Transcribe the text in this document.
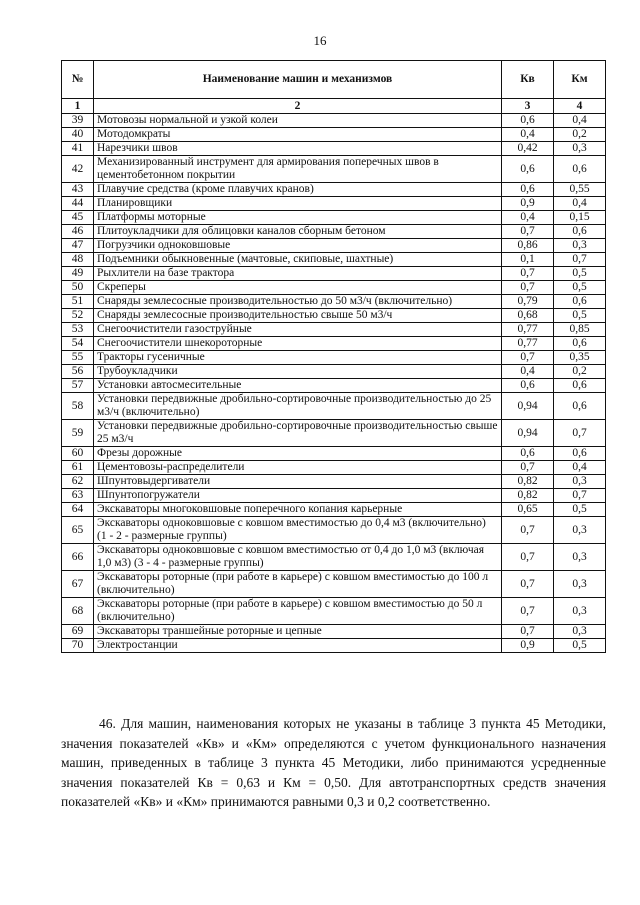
16
№	Наименование машин и механизмов	Кв	Км
1	2	3	4
39	Мотовозы нормальной и узкой колеи	0,6	0,4
40	Мотодомкраты	0,4	0,2
41	Нарезчики швов	0,42	0,3
42	Механизированный инструмент для армирования поперечных швов в цементобетонном покрытии	0,6	0,6
43	Плавучие средства (кроме плавучих кранов)	0,6	0,55
44	Планировщики	0,9	0,4
45	Платформы моторные	0,4	0,15
46	Плитоукладчики для облицовки каналов сборным бетоном	0,7	0,6
47	Погрузчики одноковшовые	0,86	0,3
48	Подъемники обыкновенные (мачтовые, скиповые, шахтные)	0,1	0,7
49	Рыхлители на базе трактора	0,7	0,5
50	Скреперы	0,7	0,5
51	Снаряды землесосные производительностью до 50 м3/ч (включительно)	0,79	0,6
52	Снаряды землесосные производительностью свыше 50 м3/ч	0,68	0,5
53	Снегоочистители газоструйные	0,77	0,85
54	Снегоочистители шнекороторные	0,77	0,6
55	Тракторы гусеничные	0,7	0,35
56	Трубоукладчики	0,4	0,2
57	Установки автосмесительные	0,6	0,6
58	Установки передвижные дробильно-сортировочные производительностью до 25 м3/ч (включительно)	0,94	0,6
59	Установки передвижные дробильно-сортировочные производительностью свыше 25 м3/ч	0,94	0,7
60	Фрезы дорожные	0,6	0,6
61	Цементовозы-распределители	0,7	0,4
62	Шпунтовыдергиватели	0,82	0,3
63	Шпунтопогружатели	0,82	0,7
64	Экскаваторы многоковшовые поперечного копания карьерные	0,65	0,5
65	Экскаваторы одноковшовые с ковшом вместимостью до 0,4 м3 (включительно) (1 - 2 - размерные группы)	0,7	0,3
66	Экскаваторы одноковшовые с ковшом вместимостью от 0,4 до 1,0 м3 (включая 1,0 м3) (3 - 4 - размерные группы)	0,7	0,3
67	Экскаваторы роторные (при работе в карьере) с ковшом вместимостью до 100 л (включительно)	0,7	0,3
68	Экскаваторы роторные (при работе в карьере) с ковшом вместимостью до 50 л (включительно)	0,7	0,3
69	Экскаваторы траншейные роторные и цепные	0,7	0,3
70	Электростанции	0,9	0,5

46. Для машин, наименования которых не указаны в таблице 3 пункта 45 Методики, значения показателей «Кв» и «Км» определяются с учетом функционального назначения машин, приведенных в таблице 3 пункта 45 Методики, либо принимаются усредненные значения показателей Кв = 0,63 и Км = 0,50. Для автотранспортных средств значения показателей «Кв» и «Км» принимаются равными 0,3 и 0,2 соответственно.
